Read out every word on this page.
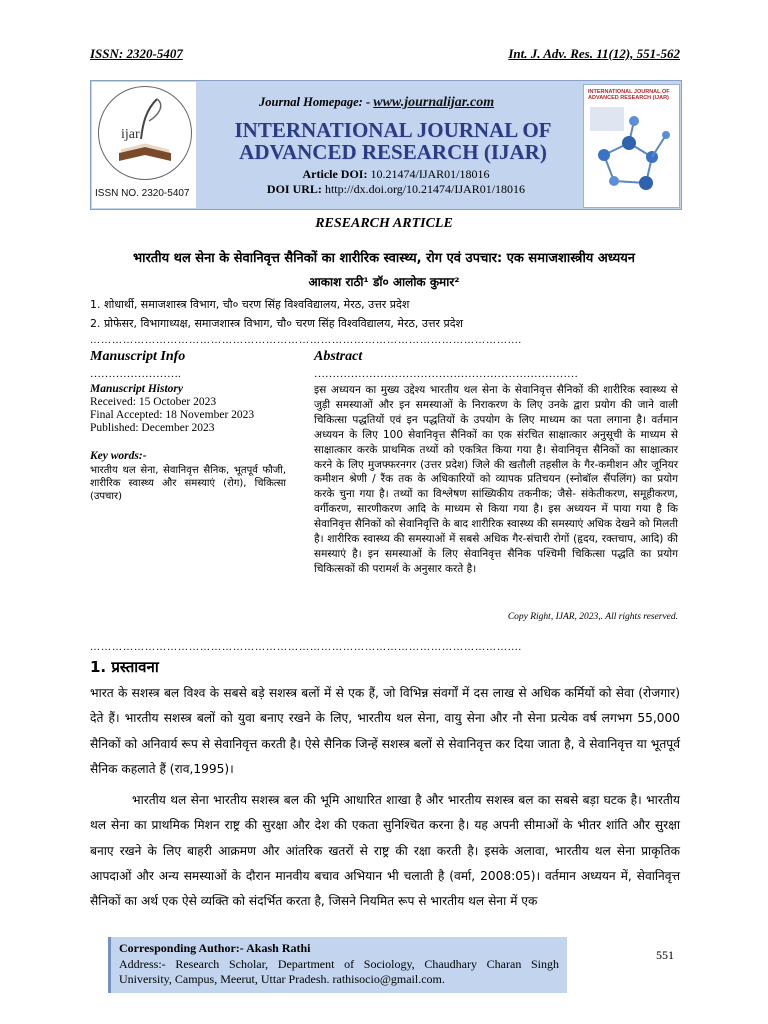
ISSN: 2320-5407	Int. J. Adv. Res. 11(12), 551-562
ijar
ISSN NO. 2320-5407
Journal Homepage: - www.journalijar.com
INTERNATIONAL JOURNAL OF
ADVANCED RESEARCH (IJAR)
Article DOI: 10.21474/IJAR01/18016
DOI URL: http://dx.doi.org/10.21474/IJAR01/18016
INTERNATIONAL JOURNAL OF ADVANCED RESEARCH (IJAR)
RESEARCH ARTICLE
भारतीय थल सेना के सेवानिवृत्त सैनिकों का शारीरिक स्वास्थ्य, रोग एवं उपचार: एक समाजशास्त्रीय अध्ययन
आकाश राठी¹ डॉ० आलोक कुमार²
1. शोधार्थी, समाजशास्त्र विभाग, चौ० चरण सिंह विश्वविद्यालय, मेरठ, उत्तर प्रदेश
2. प्रोफेसर, विभागाध्यक्ष, समाजशास्त्र विभाग, चौ० चरण सिंह विश्वविद्यालय, मेरठ, उत्तर प्रदेश
……………………………………………………………………………………………………....
Manuscript Info
…………………….
Manuscript History
Received: 15 October 2023
Final Accepted: 18 November 2023
Published: December 2023
Key words:-
भारतीय थल सेना, सेवानिवृत्त सैनिक, भूतपूर्व फौजी, शारीरिक स्वास्थ्य और समस्याएं (रोग), चिकित्सा (उपचार)
Abstract
………………………………………………………………
इस अध्ययन का मुख्य उद्देश्य भारतीय थल सेना के सेवानिवृत्त सैनिकों की शारीरिक स्वास्थ्य से जुड़ी समस्याओं और इन समस्याओं के निराकरण के लिए उनके द्वारा प्रयोग की जाने वाली चिकित्सा पद्धतियों एवं इन पद्धतियों के उपयोग के लिए माध्यम का पता लगाना है। वर्तमान अध्ययन के लिए 100 सेवानिवृत्त सैनिकों का एक संरचित साक्षात्कार अनुसूची के माध्यम से साक्षात्कार करके प्राथमिक तथ्यों को एकत्रित किया गया है। सेवानिवृत्त सैनिकों का साक्षात्कार करने के लिए मुजफ्फरनगर (उत्तर प्रदेश) जिले की खतौली तहसील के गैर-कमीशन और जूनियर कमीशन श्रेणी / रैंक तक के अधिकारियों को व्यापक प्रतिचयन (स्नोबॉल सैंपलिंग) का प्रयोग करके चुना गया है। तथ्यों का विश्लेषण सांख्यिकीय तकनीक; जैसे- संकेतीकरण, समूहीकरण, वर्गीकरण, सारणीकरण आदि के माध्यम से किया गया है। इस अध्ययन में पाया गया है कि सेवानिवृत्त सैनिकों को सेवानिवृत्ति के बाद शारीरिक स्वास्थ्य की समस्याएं अधिक देखने को मिलती है। शारीरिक स्वास्थ्य की समस्याओं में सबसे अधिक गैर-संचारी रोगों (हृदय, रक्तचाप, आदि) की समस्याएं है। इन समस्याओं के लिए सेवानिवृत्त सैनिक पश्चिमी चिकित्सा पद्धति का प्रयोग चिकित्सकों की परामर्श के अनुसार करते है।
Copy Right, IJAR, 2023,. All rights reserved.
……………………………………………………………………………………………………....
1. प्रस्तावना
भारत के सशस्त्र बल विश्व के सबसे बड़े सशस्त्र बलों में से एक हैं, जो विभिन्न संवर्गों में दस लाख से अधिक कर्मियों को सेवा (रोजगार) देते हैं। भारतीय सशस्त्र बलों को युवा बनाए रखने के लिए, भारतीय थल सेना, वायु सेना और नौ सेना प्रत्येक वर्ष लगभग 55,000 सैनिकों को अनिवार्य रूप से सेवानिवृत्त करती है। ऐसे सैनिक जिन्हें सशस्त्र बलों से सेवानिवृत्त कर दिया जाता है, वे सेवानिवृत्त या भूतपूर्व सैनिक कहलाते हैं (राव,1995)।
भारतीय थल सेना भारतीय सशस्त्र बल की भूमि आधारित शाखा है और भारतीय सशस्त्र बल का सबसे बड़ा घटक है। भारतीय थल सेना का प्राथमिक मिशन राष्ट्र की सुरक्षा और देश की एकता सुनिश्चित करना है। यह अपनी सीमाओं के भीतर शांति और सुरक्षा बनाए रखने के लिए बाहरी आक्रमण और आंतरिक खतरों से राष्ट्र की रक्षा करती है। इसके अलावा, भारतीय थल सेना प्राकृतिक आपदाओं और अन्य समस्याओं के दौरान मानवीय बचाव अभियान भी चलाती है (वर्मा, 2008:05)। वर्तमान अध्ययन में, सेवानिवृत्त सैनिकों का अर्थ एक ऐसे व्यक्ति को संदर्भित करता है, जिसने नियमित रूप से भारतीय थल सेना में एक
Corresponding Author:- Akash Rathi
Address:- Research Scholar, Department of Sociology, Chaudhary Charan Singh University, Campus, Meerut, Uttar Pradesh. rathisocio@gmail.com.
551
